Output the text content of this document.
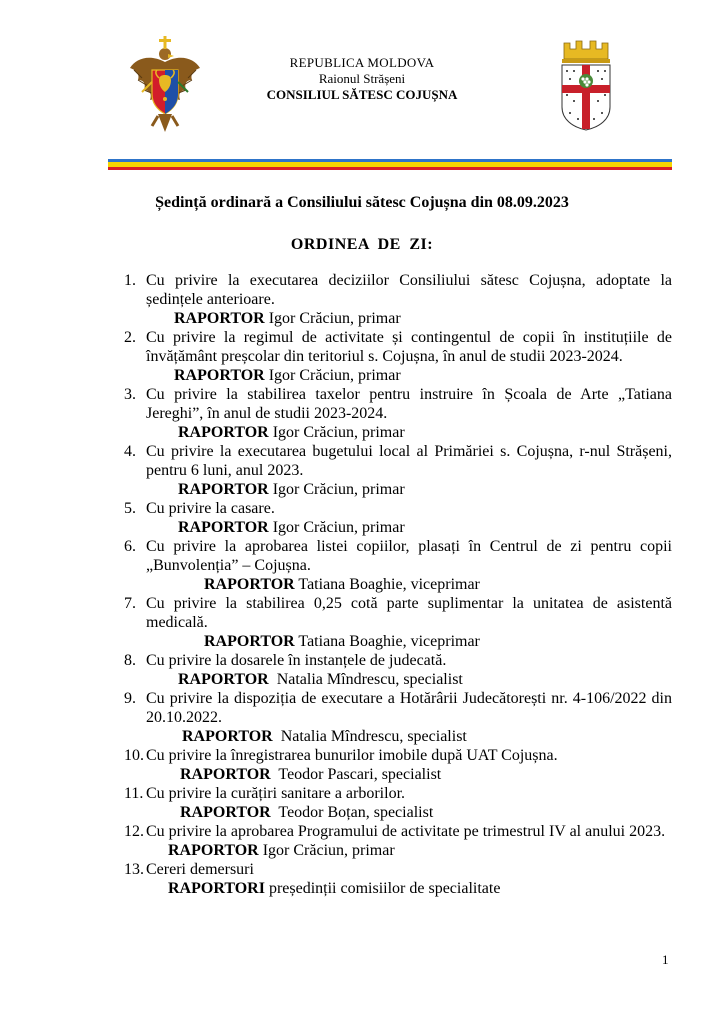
REPUBLICA MOLDOVA
Raionul Strășeni
CONSILIUL SĂTESC COJUȘNA
Ședință ordinară a Consiliului sătesc Cojușna din 08.09.2023
ORDINEA DE ZI:
1. Cu privire la executarea deciziilor Consiliului sătesc Cojușna, adoptate la ședințele anterioare.
RAPORTOR Igor Crăciun, primar
2. Cu privire la regimul de activitate și contingentul de copii în instituțiile de învățământ preșcolar din teritoriul s. Cojușna, în anul de studii 2023-2024.
RAPORTOR Igor Crăciun, primar
3. Cu privire la stabilirea taxelor pentru instruire în Școala de Arte „Tatiana Jereghi”, în anul de studii 2023-2024.
RAPORTOR Igor Crăciun, primar
4. Cu privire la executarea bugetului local al Primăriei s. Cojușna, r-nul Strășeni, pentru 6 luni, anul 2023.
RAPORTOR Igor Crăciun, primar
5. Cu privire la casare.
RAPORTOR Igor Crăciun, primar
6. Cu privire la aprobarea listei copiilor, plasați în Centrul de zi pentru copii „Bunvolenția” – Cojușna.
RAPORTOR Tatiana Boaghie, viceprimar
7. Cu privire la stabilirea 0,25 cotă parte suplimentar la unitatea de asistentă medicală.
RAPORTOR Tatiana Boaghie, viceprimar
8. Cu privire la dosarele în instanțele de judecată.
RAPORTOR  Natalia Mîndrescu, specialist
9. Cu privire la dispoziția de executare a Hotărârii Judecătorești nr. 4-106/2022 din 20.10.2022.
RAPORTOR  Natalia Mîndrescu, specialist
10. Cu privire la înregistrarea bunurilor imobile după UAT Cojușna.
RAPORTOR  Teodor Pascari, specialist
11. Cu privire la curățiri sanitare a arborilor.
RAPORTOR  Teodor Boțan, specialist
12. Cu privire la aprobarea Programului de activitate pe trimestrul IV al anului 2023.
RAPORTOR Igor Crăciun, primar
13. Cereri demersuri
RAPORTORI președinții comisiilor de specialitate
1
